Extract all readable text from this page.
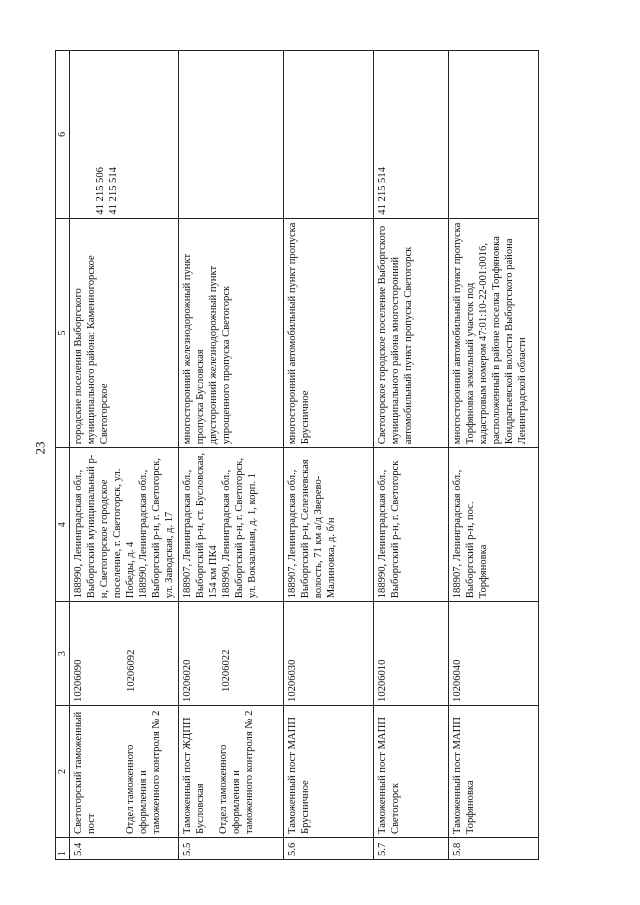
23
1	2	3	4	5	6
5.4	Светогорский таможенный пост Отдел таможенного оформления и таможенного контроля № 2	10206090 10206092	188990, Ленинградская обл., Выборгский муниципальный р-н, Светогорское городское поселение, г. Светогорск, ул. Победы, д. 4 188990, Ленинградская обл., Выборгский р-н, г. Светогорск, ул. Заводская, д. 17	городские поселения Выборгского муниципального района: Каменногорское Светогорское	41 215 506 41 215 514

5.5	Таможенный пост ЖДПП Бусловская Отдел таможенного оформления и таможенного контроля № 2	10206020 10206022	188907, Ленинградская обл., Выборгский р-н, ст. Бусловская, 154 км ПК4 188990, Ленинградская обл., Выборгский р-н, г. Светогорск, ул. Вокзальная, д. 1, корп. 1	многосторонний железнодорожный пункт пропуска Бусловская двусторонний железнодорожный пункт упрощенного пропуска Светогорск	

5.6	Таможенный пост МАПП Брусничное	10206030	188907, Ленинградская обл., Выборгский р-н, Селезневская волость, 71 км а/д Зверево-Малиновка, д. б/н	многосторонний автомобильный пункт пропуска Брусничное	
5.7	Таможенный пост МАПП Светогорск	10206010	188990, Ленинградская обл., Выборгский р-н, г. Светогорск	Светогорское городское поселение Выборгского муниципального района многосторонний автомобильный пункт пропуска Светогорск	41 215 514
5.8	Таможенный пост МАПП Торфяновка	10206040	188907, Ленинградская обл., Выборгский р-н, пос. Торфяновка	многосторонний автомобильный пункт пропуска Торфяновка земельный участок под кадастровым номером 47:01:10-22-001:0016, расположенный в районе поселка Торфяновка Кондратьевской волости Выборгского района Ленинградской области	
